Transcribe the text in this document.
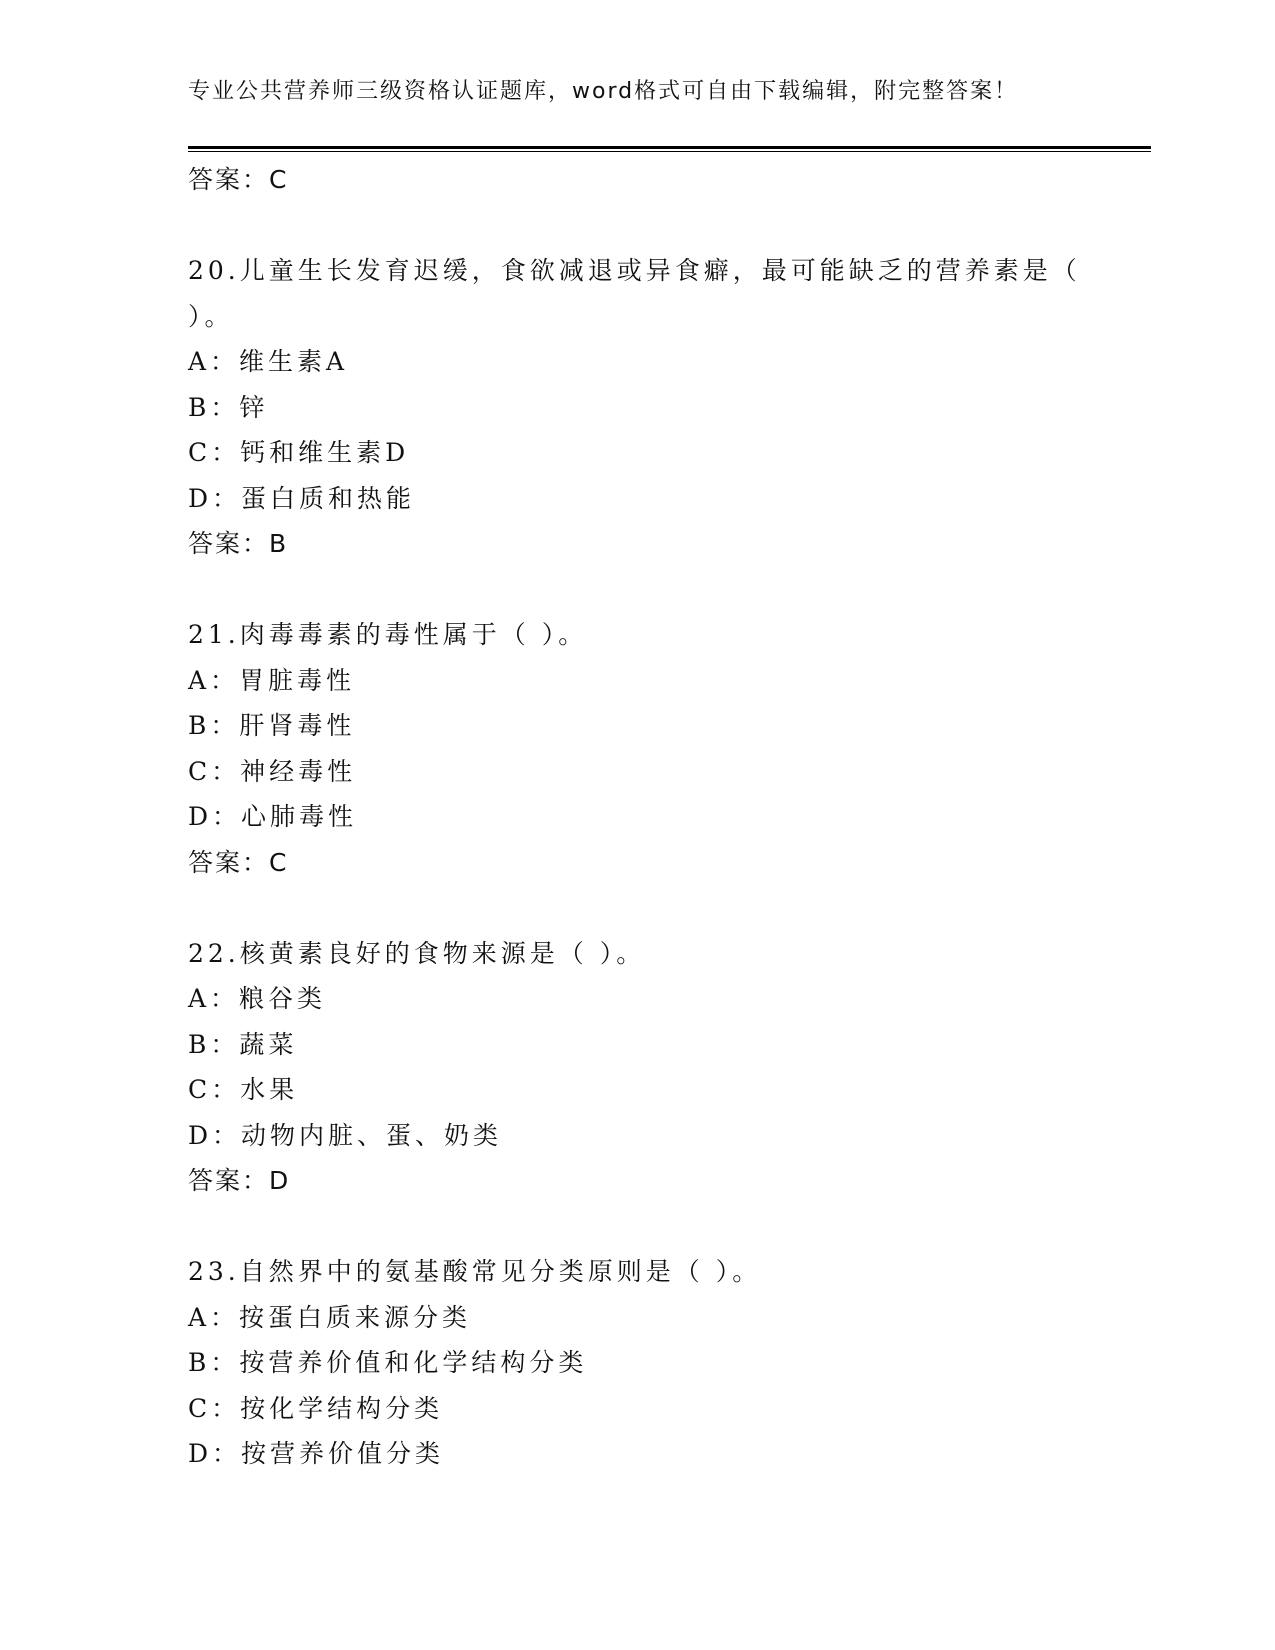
专业公共营养师三级资格认证题库，word格式可自由下载编辑，附完整答案！
答案：C
20.儿童生长发育迟缓，食欲减退或异食癖，最可能缺乏的营养素是（
）。
A：维生素A
B：锌
C：钙和维生素D
D：蛋白质和热能
答案：B
21.肉毒毒素的毒性属于（ ）。
A：胃脏毒性
B：肝肾毒性
C：神经毒性
D：心肺毒性
答案：C
22.核黄素良好的食物来源是（ ）。
A：粮谷类
B：蔬菜
C：水果
D：动物内脏、蛋、奶类
答案：D
23.自然界中的氨基酸常见分类原则是（ ）。
A：按蛋白质来源分类
B：按营养价值和化学结构分类
C：按化学结构分类
D：按营养价值分类
